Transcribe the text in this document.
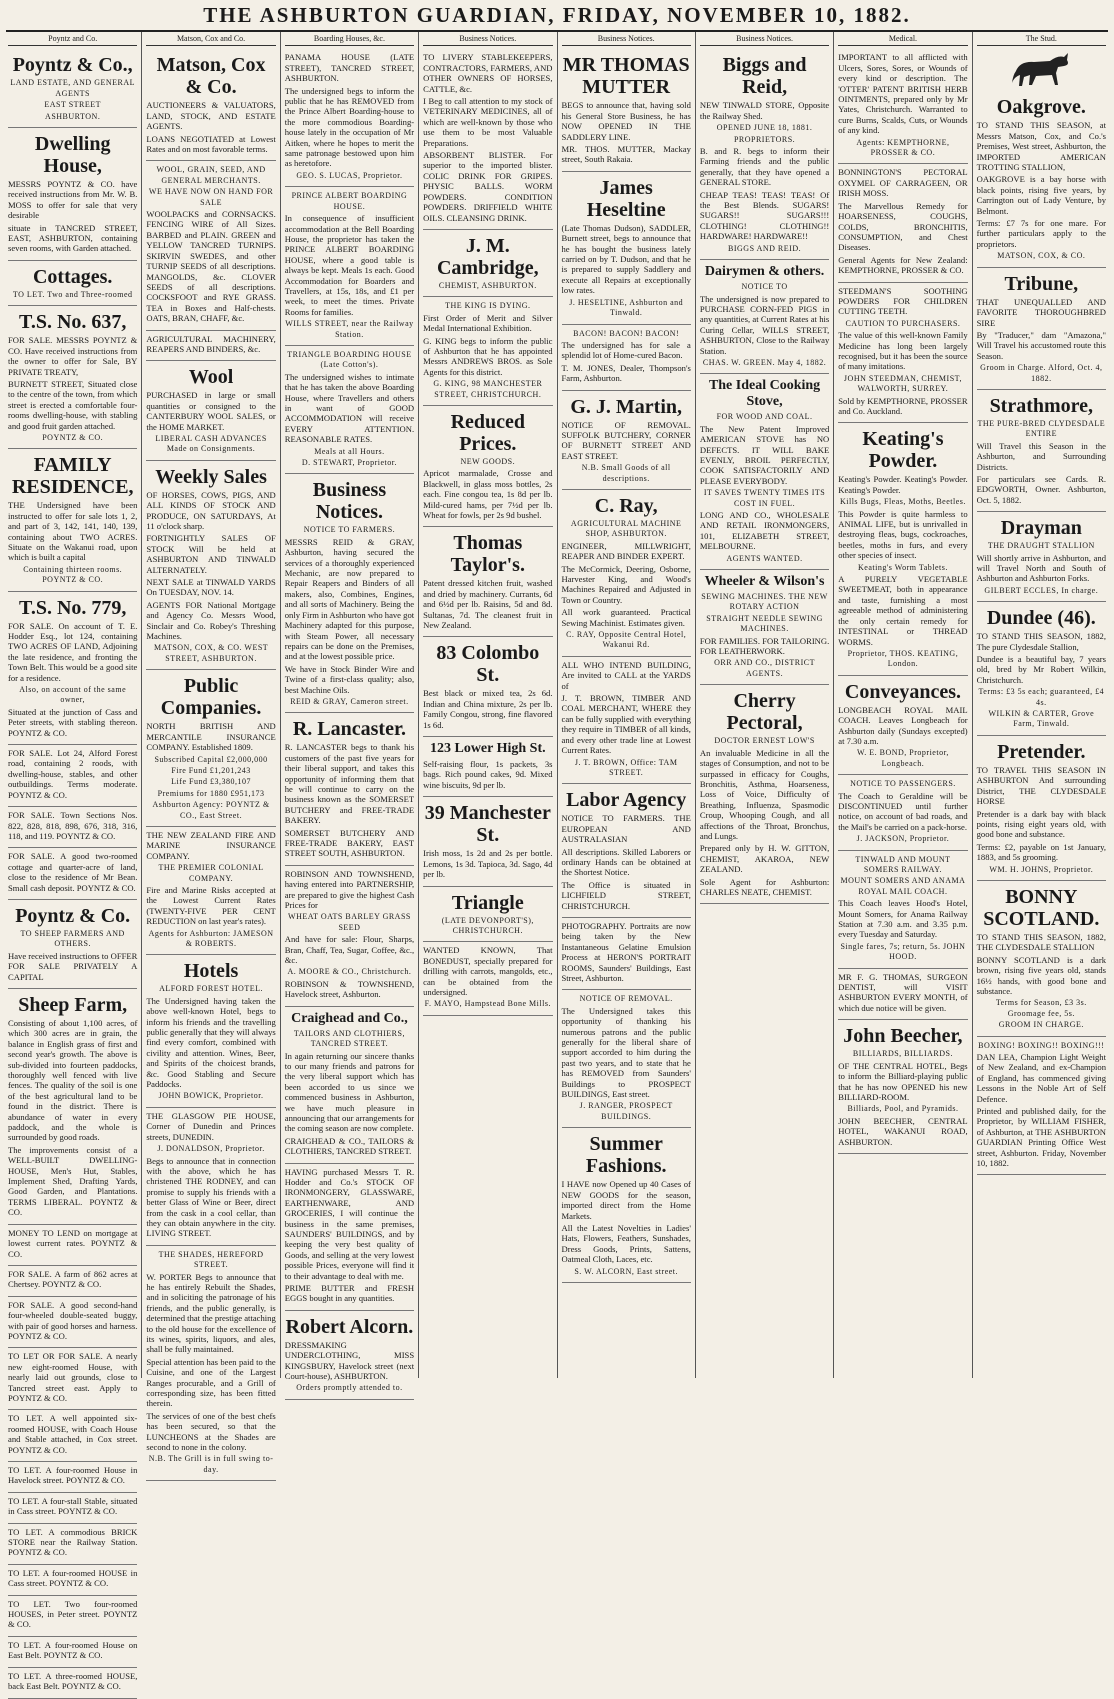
THE ASHBURTON GUARDIAN, FRIDAY, NOVEMBER 10, 1882.
Poyntz and Co.
Poyntz & Co.,

LAND ESTATE, AND GENERAL AGENTS

EAST STREET

ASHBURTON.

Dwelling House,

MESSRS POYNTZ & CO. have received instructions from Mr. W. B. MOSS to offer for sale that very desirable

situate in TANCRED STREET, EAST, ASHBURTON, containing seven rooms, with Garden attached.

Cottages.

TO LET. Two and Three-roomed

T.S. No. 637,

FOR SALE. MESSRS POYNTZ & CO. Have received instructions from the owner to offer for Sale, BY PRIVATE TREATY,

BURNETT STREET, Situated close to the centre of the town, from which street is erected a comfortable four-rooms dwelling-house, with stabling and good fruit garden attached.

POYNTZ & CO.

FAMILY RESIDENCE,

THE Undersigned have been instructed to offer for sale lots 1, 2, and part of 3, 142, 141, 140, 139, containing about TWO ACRES. Situate on the Wakanui road, upon which is built a capital

Containing thirteen rooms. POYNTZ & CO.

T.S. No. 779,

FOR SALE. On account of T. E. Hodder Esq., lot 124, containing TWO ACRES OF LAND, Adjoining the late residence, and fronting the Town Belt. This would be a good site for a residence.

Also, on account of the same owner,

Situated at the junction of Cass and Peter streets, with stabling thereon. POYNTZ & CO.

FOR SALE. Lot 24, Alford Forest road, containing 2 roods, with dwelling-house, stables, and other outbuildings. Terms moderate. POYNTZ & CO.

FOR SALE. Town Sections Nos. 822, 828, 818, 898, 676, 318, 316, 118, and 119. POYNTZ & CO.

FOR SALE. A good two-roomed cottage and quarter-acre of land, close to the residence of Mr Bean. Small cash deposit. POYNTZ & CO.

Poyntz & Co.

TO SHEEP FARMERS AND OTHERS.

Have received instructions to OFFER FOR SALE PRIVATELY A CAPITAL

Sheep Farm,

Consisting of about 1,100 acres, of which 300 acres are in grain, the balance in English grass of first and second year's growth. The above is sub-divided into fourteen paddocks, thoroughly well fenced with live fences. The quality of the soil is one of the best agricultural land to be found in the district. There is abundance of water in every paddock, and the whole is surrounded by good roads.

The improvements consist of a WELL-BUILT DWELLING-HOUSE, Men's Hut, Stables, Implement Shed, Drafting Yards, Good Garden, and Plantations. TERMS LIBERAL. POYNTZ & CO.

MONEY TO LEND on mortgage at lowest current rates. POYNTZ & CO.

FOR SALE. A farm of 862 acres at Chertsey. POYNTZ & CO.

FOR SALE. A good second-hand four-wheeled double-seated buggy, with pair of good horses and harness. POYNTZ & CO.

TO LET OR FOR SALE. A nearly new eight-roomed House, with nearly laid out grounds, close to Tancred street east. Apply to POYNTZ & CO.

TO LET. A well appointed six-roomed HOUSE, with Coach House and Stable attached, in Cox street. POYNTZ & CO.

TO LET. A four-roomed House in Havelock street. POYNTZ & CO.

TO LET. A four-stall Stable, situated in Cass street. POYNTZ & CO.

TO LET. A commodious BRICK STORE near the Railway Station. POYNTZ & CO.

TO LET. A four-roomed HOUSE in Cass street. POYNTZ & CO.

TO LET. Two four-roomed HOUSES, in Peter street. POYNTZ & CO.

TO LET. A four-roomed House on East Belt. POYNTZ & CO.

TO LET. A three-roomed HOUSE, back East Belt. POYNTZ & CO.

Matson, Cox and Co.
Matson, Cox & Co.

AUCTIONEERS & VALUATORS, LAND, STOCK, AND ESTATE AGENTS.

LOANS NEGOTIATED at Lowest Rates and on most favorable terms.

WOOL, GRAIN, SEED, AND GENERAL MERCHANTS.

WE HAVE NOW ON HAND FOR SALE

WOOLPACKS and CORNSACKS. FENCING WIRE of All Sizes. BARBED and PLAIN. GREEN and YELLOW TANCRED TURNIPS. SKIRVIN SWEDES, and other TURNIP SEEDS of all descriptions. MANGOLDS, &c. CLOVER SEEDS of all descriptions. COCKSFOOT and RYE GRASS. TEA in Boxes and Half-chests. OATS, BRAN, CHAFF, &c.

AGRICULTURAL MACHINERY, REAPERS AND BINDERS, &c.

Wool

PURCHASED in large or small quantities or consigned to the CANTERBURY WOOL SALES, or the HOME MARKET.

LIBERAL CASH ADVANCES Made on Consignments.

Weekly Sales

OF HORSES, COWS, PIGS, AND ALL KINDS OF STOCK AND PRODUCE, ON SATURDAYS, At 11 o'clock sharp.

FORTNIGHTLY SALES OF STOCK Will be held at ASHBURTON AND TINWALD ALTERNATELY.

NEXT SALE at TINWALD YARDS On TUESDAY, NOV. 14.

AGENTS FOR National Mortgage and Agency Co. Messrs Wood, Sinclair and Co. Robey's Threshing Machines.

MATSON, COX, & CO. WEST STREET, ASHBURTON.

Public Companies.

NORTH BRITISH AND MERCANTILE INSURANCE COMPANY. Established 1809.

Subscribed Capital £2,000,000

Fire Fund £1,201,243

Life Fund £3,380,107

Premiums for 1880 £951,173

Ashburton Agency: POYNTZ & CO., East Street.

THE NEW ZEALAND FIRE AND MARINE INSURANCE COMPANY.

THE PREMIER COLONIAL COMPANY.

Fire and Marine Risks accepted at the Lowest Current Rates (TWENTY-FIVE PER CENT REDUCTION on last year's rates).

Agents for Ashburton: JAMESON & ROBERTS.

Hotels

ALFORD FOREST HOTEL.

The Undersigned having taken the above well-known Hotel, begs to inform his friends and the travelling public generally that they will always find every comfort, combined with civility and attention. Wines, Beer, and Spirits of the choicest brands, &c. Good Stabling and Secure Paddocks.

JOHN BOWICK, Proprietor.

THE GLASGOW PIE HOUSE, Corner of Dunedin and Princes streets, DUNEDIN.

J. DONALDSON, Proprietor.

Begs to announce that in connection with the above, which he has christened THE RODNEY, and can promise to supply his friends with a better Glass of Wine or Beer, direct from the cask in a cool cellar, than they can obtain anywhere in the city. LIVING STREET.

THE SHADES, HEREFORD STREET.

W. PORTER Begs to announce that he has entirely Rebuilt the Shades, and in soliciting the patronage of his friends, and the public generally, is determined that the prestige attaching to the old house for the excellence of its wines, spirits, liquors, and ales, shall be fully maintained.

Special attention has been paid to the Cuisine, and one of the Largest Ranges procurable, and a Grill of corresponding size, has been fitted therein.

The services of one of the best chefs has been secured, so that the LUNCHEONS at the Shades are second to none in the colony.

N.B. The Grill is in full swing to-day.

Boarding Houses, &c.

PANAMA HOUSE (LATE STREET), TANCRED STREET, ASHBURTON.

The undersigned begs to inform the public that he has REMOVED from the Prince Albert Boarding-house to the more commodious Boarding-house lately in the occupation of Mr Aitken, where he hopes to merit the same patronage bestowed upon him as heretofore.

GEO. S. LUCAS, Proprietor.

PRINCE ALBERT BOARDING HOUSE.

In consequence of insufficient accommodation at the Bell Boarding House, the proprietor has taken the PRINCE ALBERT BOARDING HOUSE, where a good table is always be kept. Meals 1s each. Good Accommodation for Boarders and Travellers, at 15s, 18s, and £1 per week, to meet the times. Private Rooms for families.

WILLS STREET, near the Railway Station.

TRIANGLE BOARDING HOUSE (Late Cotton's).

The undersigned wishes to intimate that he has taken the above Boarding House, where Travellers and others in want of GOOD ACCOMMODATION will receive EVERY ATTENTION. REASONABLE RATES.

Meals at all Hours.

D. STEWART, Proprietor.

Business Notices.

NOTICE TO FARMERS.

MESSRS REID & GRAY, Ashburton, having secured the services of a thoroughly experienced Mechanic, are now prepared to Repair Reapers and Binders of all makers, also, Combines, Engines, and all sorts of Machinery. Being the only Firm in Ashburton who have got Machinery adapted for this purpose, with Steam Power, all necessary repairs can be done on the Premises, and at the lowest possible price.

We have in Stock Binder Wire and Twine of a first-class quality; also, best Machine Oils.

REID & GRAY, Cameron street.

R. Lancaster.

R. LANCASTER begs to thank his customers of the past five years for their liberal support, and takes this opportunity of informing them that he will continue to carry on the business known as the SOMERSET BUTCHERY and FREE-TRADE BAKERY.

SOMERSET BUTCHERY AND FREE-TRADE BAKERY, EAST STREET SOUTH, ASHBURTON.

ROBINSON AND TOWNSHEND, having entered into PARTNERSHIP, are prepared to give the highest Cash Prices for

WHEAT OATS BARLEY GRASS SEED

And have for sale: Flour, Sharps, Bran, Chaff, Tea, Sugar, Coffee, &c., &c.

A. MOORE & CO., Christchurch.

ROBINSON & TOWNSHEND, Havelock street, Ashburton.

Craighead and Co.,

TAILORS AND CLOTHIERS, TANCRED STREET.

In again returning our sincere thanks to our many friends and patrons for the very liberal support which has been accorded to us since we commenced business in Ashburton, we have much pleasure in announcing that our arrangements for the coming season are now complete.

CRAIGHEAD & CO., TAILORS & CLOTHIERS, TANCRED STREET.

HAVING purchased Messrs T. R. Hodder and Co.'s STOCK OF IRONMONGERY, GLASSWARE, EARTHENWARE, AND GROCERIES, I will continue the business in the same premises, SAUNDERS' BUILDINGS, and by keeping the very best quality of Goods, and selling at the very lowest possible Prices, everyone will find it to their advantage to deal with me.

PRIME BUTTER and FRESH EGGS bought in any quantities.

Robert Alcorn.

DRESSMAKING UNDERCLOTHING, MISS KINGSBURY, Havelock street (next Court-house), ASHBURTON.

Orders promptly attended to.

Business Notices.

TO LIVERY STABLEKEEPERS, CONTRACTORS, FARMERS, AND OTHER OWNERS OF HORSES, CATTLE, &c.

I Beg to call attention to my stock of VETERINARY MEDICINES, all of which are well-known by those who use them to be most Valuable Preparations.

ABSORBENT BLISTER. For superior to the imported blister. COLIC DRINK FOR GRIPES. PHYSIC BALLS. WORM POWDERS. CONDITION POWDERS. DRIFFIELD WHITE OILS. CLEANSING DRINK.

J. M. Cambridge,

CHEMIST, ASHBURTON.

THE KING IS DYING.

First Order of Merit and Silver Medal International Exhibition.

G. KING begs to inform the public of Ashburton that he has appointed Messrs ANDREWS BROS. as Sole Agents for this district.

G. KING, 98 MANCHESTER STREET, CHRISTCHURCH.

Reduced Prices.

NEW GOODS.

Apricot marmalade, Crosse and Blackwell, in glass moss bottles, 2s each. Fine congou tea, 1s 8d per lb. Mild-cured hams, per 7½d per lb. Wheat for fowls, per 2s 9d bushel.

Thomas Taylor's.

Patent dressed kitchen fruit, washed and dried by machinery. Currants, 6d and 6½d per lb. Raisins, 5d and 8d. Sultanas, 7d. The cleanest fruit in New Zealand.

83 Colombo St.

Best black or mixed tea, 2s 6d. Indian and China mixture, 2s per lb. Family Congou, strong, fine flavored 1s 6d.

123 Lower High St.

Self-raising flour, 1s packets, 3s bags. Rich pound cakes, 9d. Mixed wine biscuits, 9d per lb.

39 Manchester St.

Irish moss, 1s 2d and 2s per bottle. Lemons, 1s 3d. Tapioca, 3d. Sago, 4d per lb.

Triangle

(LATE DEVONPORT'S), CHRISTCHURCH.

WANTED KNOWN, That BONEDUST, specially prepared for drilling with carrots, mangolds, etc., can be obtained from the undersigned.

F. MAYO, Hampstead Bone Mills.

Business Notices.
MR THOMAS MUTTER

BEGS to announce that, having sold his General Store Business, he has NOW OPENED IN THE SADDLERY LINE.

MR. THOS. MUTTER, Mackay street, South Rakaia.

James Heseltine

(Late Thomas Dudson), SADDLER, Burnett street, begs to announce that he has bought the business lately carried on by T. Dudson, and that he is prepared to supply Saddlery and execute all Repairs at exceptionally low rates.

J. HESELTINE, Ashburton and Tinwald.

BACON! BACON! BACON!

The undersigned has for sale a splendid lot of Home-cured Bacon.

T. M. JONES, Dealer, Thompson's Farm, Ashburton.

G. J. Martin,

NOTICE OF REMOVAL. SUFFOLK BUTCHERY, CORNER OF BURNETT STREET AND EAST STREET.

N.B. Small Goods of all descriptions.

C. Ray,

AGRICULTURAL MACHINE SHOP, ASHBURTON.

ENGINEER, MILLWRIGHT, REAPER AND BINDER EXPERT.

The McCormick, Deering, Osborne, Harvester King, and Wood's Machines Repaired and Adjusted in Town or Country.

All work guaranteed. Practical Sewing Machinist. Estimates given.

C. RAY, Opposite Central Hotel, Wakanui Rd.

ALL WHO INTEND BUILDING, Are invited to CALL at the YARDS of

J. T. BROWN, TIMBER AND COAL MERCHANT, WHERE they can be fully supplied with everything they require in TIMBER of all kinds, and every other trade line at Lowest Current Rates.

J. T. BROWN, Office: TAM STREET.

Labor Agency

NOTICE TO FARMERS. THE EUROPEAN AND AUSTRALASIAN

All descriptions. Skilled Laborers or ordinary Hands can be obtained at the Shortest Notice.

The Office is situated in LICHFIELD STREET, CHRISTCHURCH.

PHOTOGRAPHY. Portraits are now being taken by the New Instantaneous Gelatine Emulsion Process at HERON'S PORTRAIT ROOMS, Saunders' Buildings, East Street, Ashburton.

NOTICE OF REMOVAL.

The Undersigned takes this opportunity of thanking his numerous patrons and the public generally for the liberal share of support accorded to him during the past two years, and to state that he has REMOVED from Saunders' Buildings to PROSPECT BUILDINGS, East street.

J. RANGER, PROSPECT BUILDINGS.

Summer Fashions.

I HAVE now Opened up 40 Cases of NEW GOODS for the season, imported direct from the Home Markets.

All the Latest Novelties in Ladies' Hats, Flowers, Feathers, Sunshades, Dress Goods, Prints, Sattens, Oatmeal Cloth, Laces, etc.

S. W. ALCORN, East street.

Business Notices.
Biggs and Reid,

NEW TINWALD STORE, Opposite the Railway Shed.

OPENED JUNE 18, 1881.

PROPRIETORS.

B. and R. begs to inform their Farming friends and the public generally, that they have opened a GENERAL STORE.

CHEAP TEAS! TEAS! TEAS! Of the Best Blends. SUGARS! SUGARS!! SUGARS!!! CLOTHING! CLOTHING!! HARDWARE! HARDWARE!!

BIGGS AND REID.

Dairymen & others.

NOTICE TO

The undersigned is now prepared to PURCHASE CORN-FED PIGS in any quantities, at Current Rates at his Curing Cellar, WILLS STREET, ASHBURTON, Close to the Railway Station.

CHAS. W. GREEN. May 4, 1882.

The Ideal Cooking Stove,

FOR WOOD AND COAL.

The New Patent Improved AMERICAN STOVE has NO DEFECTS. IT WILL BAKE EVENLY, BROIL PERFECTLY, COOK SATISFACTORILY AND PLEASE EVERYBODY.

IT SAVES TWENTY TIMES ITS COST IN FUEL.

LONG AND CO., WHOLESALE AND RETAIL IRONMONGERS, 101, ELIZABETH STREET, MELBOURNE.

AGENTS WANTED.

Wheeler & Wilson's

SEWING MACHINES. THE NEW ROTARY ACTION

STRAIGHT NEEDLE SEWING MACHINES.

FOR FAMILIES. FOR TAILORING. FOR LEATHERWORK.

ORR AND CO., DISTRICT AGENTS.

Cherry Pectoral,

DOCTOR ERNEST LOW'S

An invaluable Medicine in all the stages of Consumption, and not to be surpassed in efficacy for Coughs, Bronchitis, Asthma, Hoarseness, Loss of Voice, Difficulty of Breathing, Influenza, Spasmodic Croup, Whooping Cough, and all affections of the Throat, Bronchus, and Lungs.

Prepared only by H. W. GITTON, CHEMIST, AKAROA, NEW ZEALAND.

Sole Agent for Ashburton: CHARLES NEATE, CHEMIST.

Medical.

IMPORTANT to all afflicted with Ulcers, Sores, Sores, or Wounds of every kind or description. The 'OTTER' PATENT BRITISH HERB OINTMENTS, prepared only by Mr Yates, Christchurch. Warranted to cure Burns, Scalds, Cuts, or Wounds of any kind.

Agents: KEMPTHORNE, PROSSER & CO.

BONNINGTON'S PECTORAL OXYMEL OF CARRAGEEN, OR IRISH MOSS.

The Marvellous Remedy for HOARSENESS, COUGHS, COLDS, BRONCHITIS, CONSUMPTION, and Chest Diseases.

General Agents for New Zealand: KEMPTHORNE, PROSSER & CO.

STEEDMAN'S SOOTHING POWDERS FOR CHILDREN CUTTING TEETH.

CAUTION TO PURCHASERS.

The value of this well-known Family Medicine has long been largely recognised, but it has been the source of many imitations.

JOHN STEEDMAN, CHEMIST, WALWORTH, SURREY.

Sold by KEMPTHORNE, PROSSER and Co. Auckland.

Keating's Powder.

Keating's Powder. Keating's Powder. Keating's Powder.

Kills Bugs, Fleas, Moths, Beetles.

This Powder is quite harmless to ANIMAL LIFE, but is unrivalled in destroying fleas, bugs, cockroaches, beetles, moths in furs, and every other species of insect.

Keating's Worm Tablets.

A PURELY VEGETABLE SWEETMEAT, both in appearance and taste, furnishing a most agreeable method of administering the only certain remedy for INTESTINAL or THREAD WORMS.

Proprietor, THOS. KEATING, London.

Conveyances.

LONGBEACH ROYAL MAIL COACH. Leaves Longbeach for Ashburton daily (Sundays excepted) at 7.30 a.m.

W. E. BOND, Proprietor, Longbeach.

NOTICE TO PASSENGERS.

The Coach to Geraldine will be DISCONTINUED until further notice, on account of bad roads, and the Mail's be carried on a pack-horse.

J. JACKSON, Proprietor.

TINWALD AND MOUNT SOMERS RAILWAY.

MOUNT SOMERS AND ANAMA ROYAL MAIL COACH.

This Coach leaves Hood's Hotel, Mount Somers, for Anama Railway Station at 7.30 a.m. and 3.35 p.m. every Tuesday and Saturday.

Single fares, 7s; return, 5s. JOHN HOOD.

MR F. G. THOMAS, SURGEON DENTIST, will VISIT ASHBURTON EVERY MONTH, of which due notice will be given.

John Beecher,

BILLIARDS, BILLIARDS.

OF THE CENTRAL HOTEL, Begs to inform the Billiard-playing public that he has now OPENED his new BILLIARD-ROOM.

Billiards, Pool, and Pyramids.

JOHN BEECHER, CENTRAL HOTEL, WAKANUI ROAD, ASHBURTON.

The Stud.
Oakgrove.

TO STAND THIS SEASON, at Messrs Matson, Cox, and Co.'s Premises, West street, Ashburton, the IMPORTED AMERICAN TROTTING STALLION,

OAKGROVE is a bay horse with black points, rising five years, by Carrington out of Lady Venture, by Belmont.

Terms: £7 7s for one mare. For further particulars apply to the proprietors.

MATSON, COX, & CO.

Tribune,

THAT UNEQUALLED AND FAVORITE THOROUGHBRED SIRE

By "Traducer," dam "Amazona," Will Travel his accustomed route this Season.

Groom in Charge. Alford, Oct. 4, 1882.

Strathmore,

THE PURE-BRED CLYDESDALE ENTIRE

Will Travel this Season in the Ashburton, and Surrounding Districts.

For particulars see Cards. R. EDGWORTH, Owner. Ashburton, Oct. 5, 1882.

Drayman

THE DRAUGHT STALLION

Will shortly arrive in Ashburton, and will Travel North and South of Ashburton and Ashburton Forks.

GILBERT ECCLES, In charge.

Dundee (46).

TO STAND THIS SEASON, 1882, The pure Clydesdale Stallion,

Dundee is a beautiful bay, 7 years old, bred by Mr Robert Wilkin, Christchurch.

Terms: £3 5s each; guaranteed, £4 4s.

WILKIN & CARTER, Grove Farm, Tinwald.

Pretender.

TO TRAVEL THIS SEASON IN ASHBURTON And surrounding District, THE CLYDESDALE HORSE

Pretender is a dark bay with black points, rising eight years old, with good bone and substance.

Terms: £2, payable on 1st January, 1883, and 5s grooming.

WM. H. JOHNS, Proprietor.

BONNY SCOTLAND.

TO STAND THIS SEASON, 1882, THE CLYDESDALE STALLION

BONNY SCOTLAND is a dark brown, rising five years old, stands 16½ hands, with good bone and substance.

Terms for Season, £3 3s. Groomage fee, 5s.

GROOM IN CHARGE.

BOXING! BOXING!! BOXING!!!

DAN LEA, Champion Light Weight of New Zealand, and ex-Champion of England, has commenced giving Lessons in the Noble Art of Self Defence.

Printed and published daily, for the Proprietor, by WILLIAM FISHER, of Ashburton, at THE ASHBURTON GUARDIAN Printing Office West street, Ashburton. Friday, November 10, 1882.
